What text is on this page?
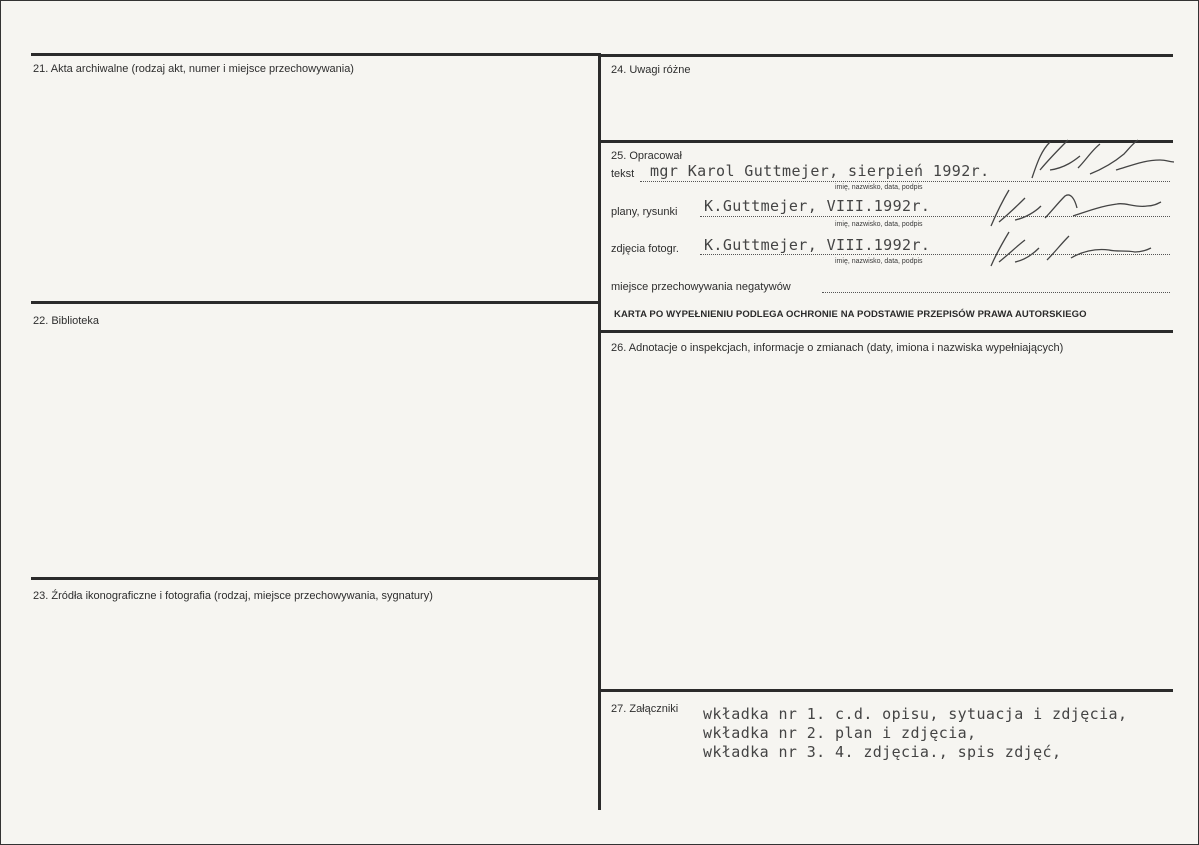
21. Akta archiwalne (rodzaj akt, numer i miejsce przechowywania)
22. Biblioteka
23. Źródła ikonograficzne i fotografia (rodzaj, miejsce przechowywania, sygnatury)
24. Uwagi różne
25. Opracował
tekst mgr Karol Guttmejer, sierpień 1992r.
imię, nazwisko, data, podpis
plany, rysunki K.Guttmejer, VIII.1992r.
imię, nazwisko, data, podpis
zdjęcia fotogr. K.Guttmejer, VIII.1992r.
imię, nazwisko, data, podpis
miejsce przechowywania negatywów
KARTA PO WYPEŁNIENIU PODLEGA OCHRONIE NA PODSTAWIE PRZEPISÓW PRAWA AUTORSKIEGO
26. Adnotacje o inspekcjach, informacje o zmianach (daty, imiona i nazwiska wypełniających)
27. Załączniki wkładka nr 1. c.d. opisu, sytuacja i zdjęcia,
wkładka nr 2. plan i zdjęcia,
wkładka nr 3. 4. zdjęcia., spis zdjęć,
